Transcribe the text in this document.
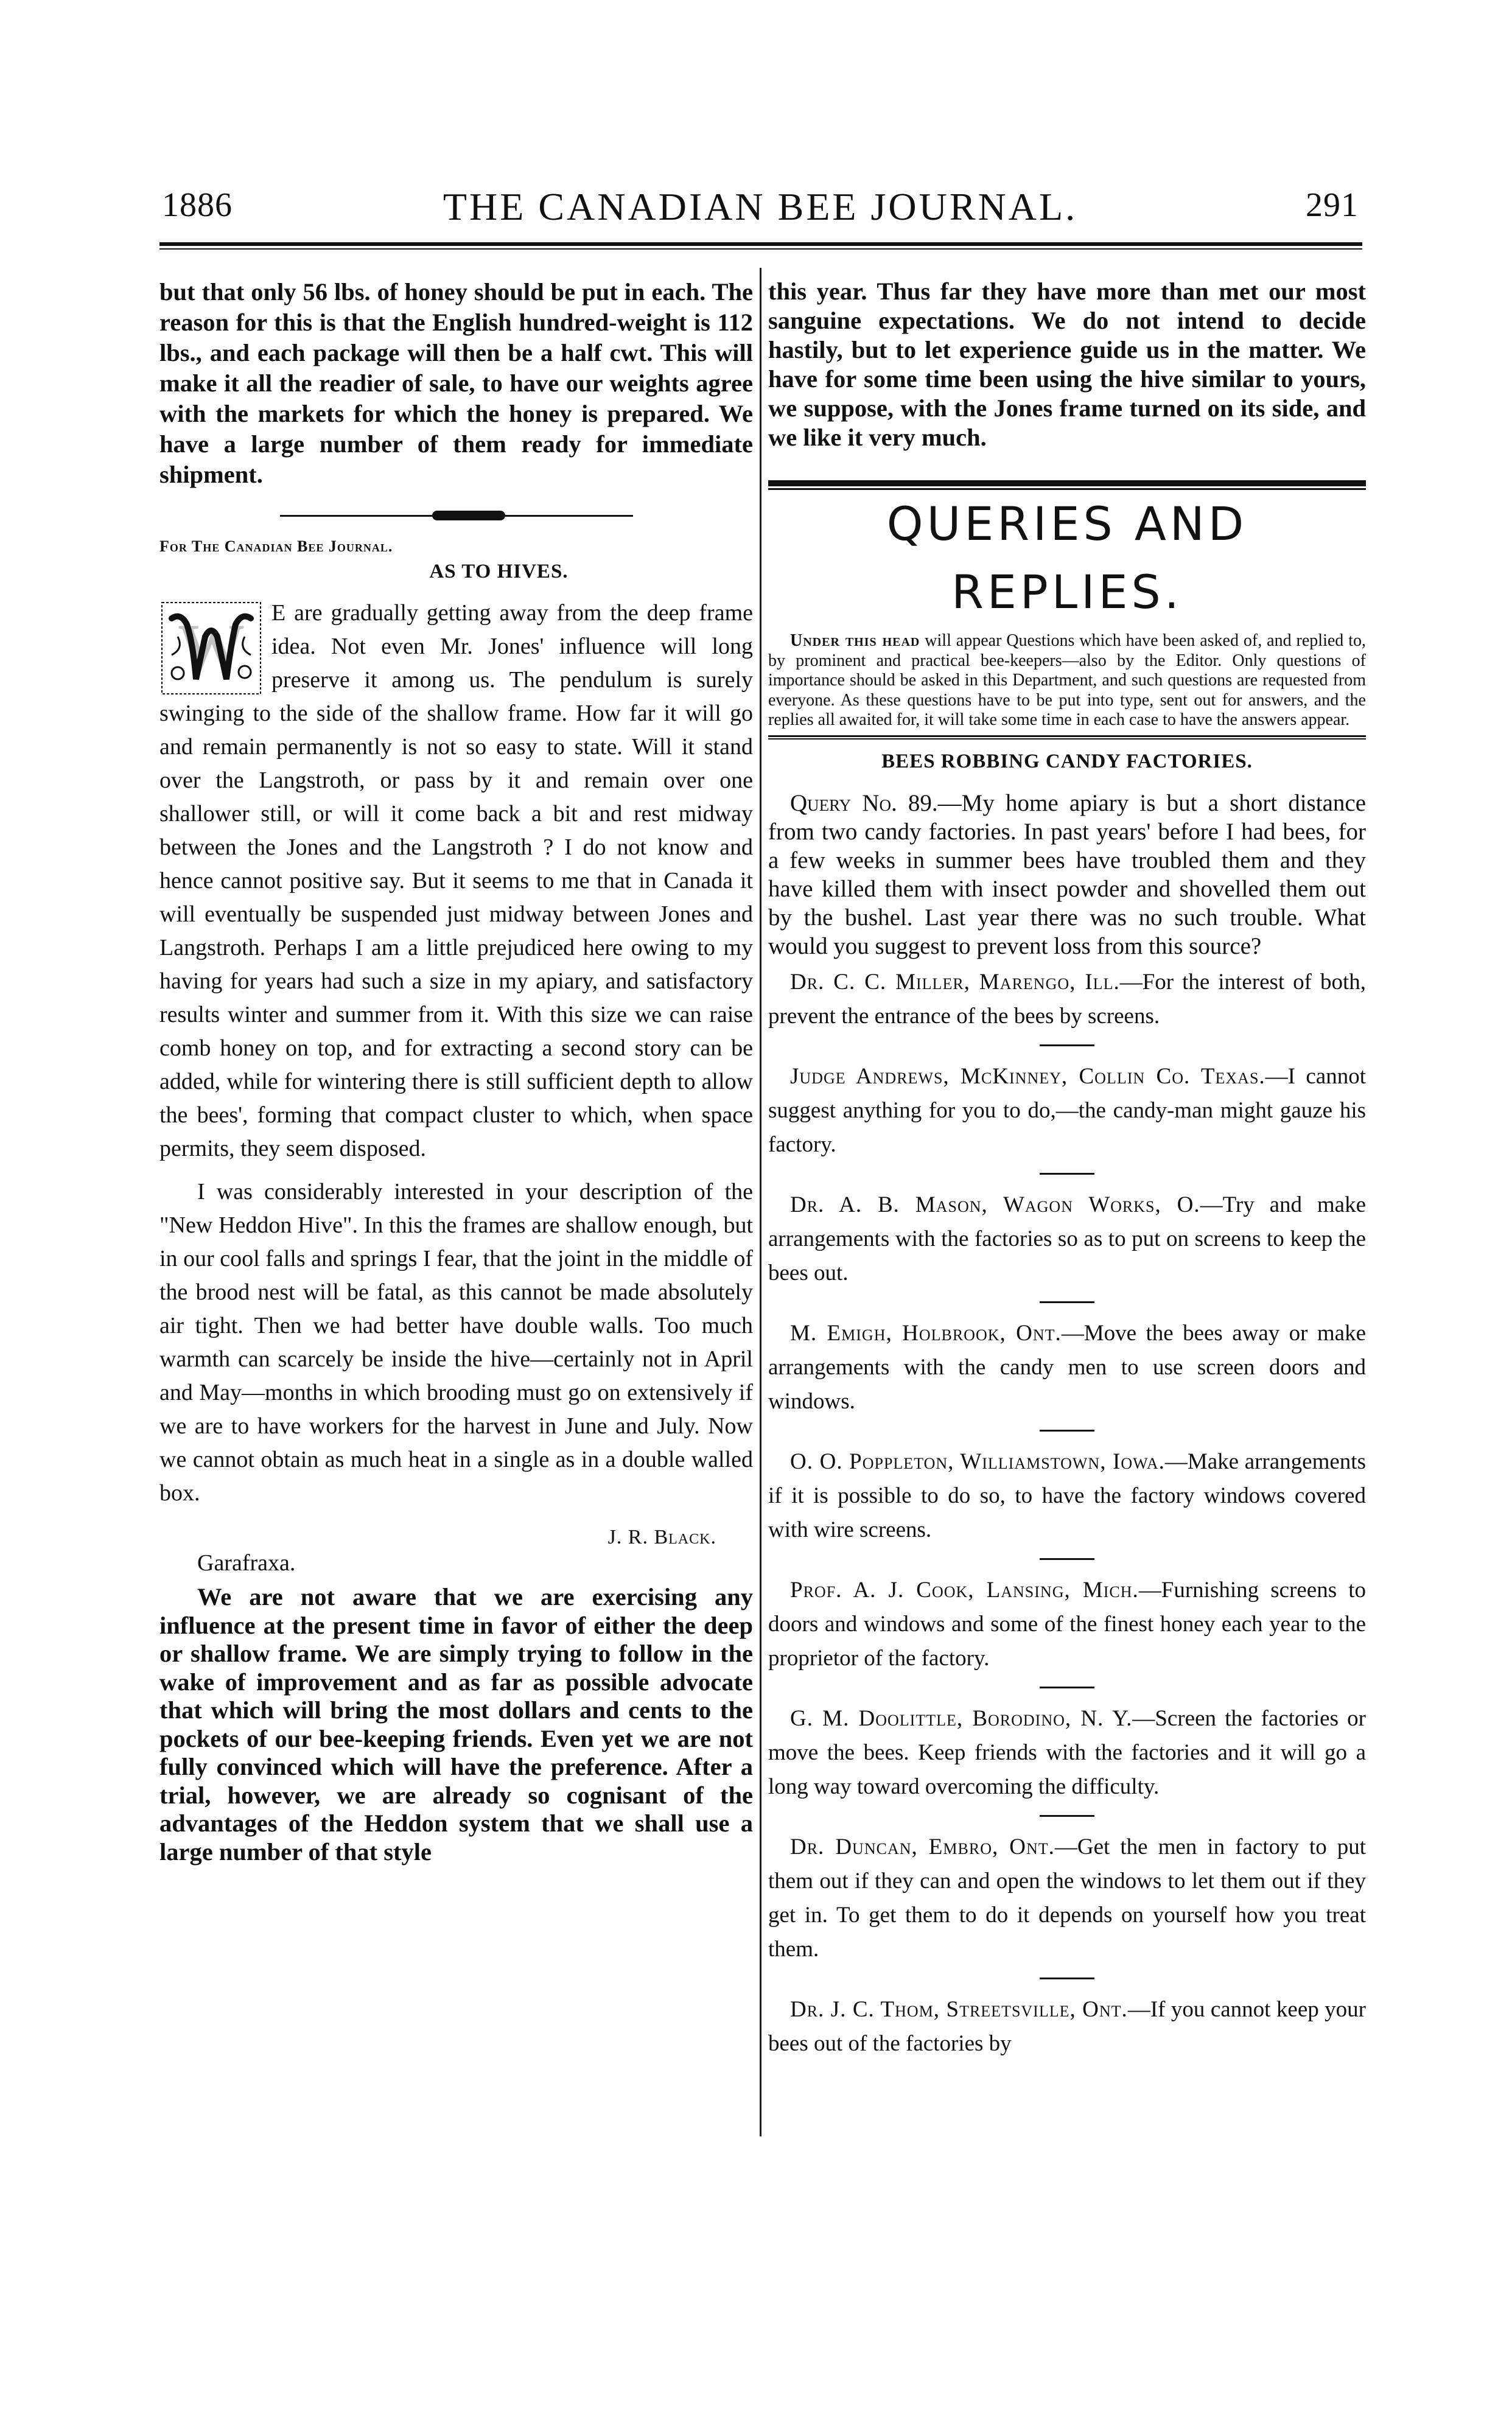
1886	THE CANADIAN BEE JOURNAL.	291

but that only 56 lbs. of honey should be put in each. The reason for this is that the English hundred-weight is 112 lbs., and each package will then be a half cwt. This will make it all the readier of sale, to have our weights agree with the markets for which the honey is prepared. We have a large number of them ready for immediate shipment.

For The Canadian Bee Journal.
AS TO HIVES.
W	E are gradually getting away from the deep frame idea. Not even Mr. Jones' influence will long preserve it among us. The pendulum is surely swinging to the side of the shallow frame. How far it will go and remain permanently is not so easy to state. Will it stand over the Langstroth, or pass by it and remain over one shallower still, or will it come back a bit and rest midway between the Jones and the Langstroth ? I do not know and hence cannot positive say. But it seems to me that in Canada it will eventually be suspended just midway between Jones and Langstroth. Perhaps I am a little prejudiced here owing to my having for years had such a size in my apiary, and satisfactory results winter and summer from it. With this size we can raise comb honey on top, and for extracting a second story can be added, while for wintering there is still sufficient depth to allow the bees', forming that compact cluster to which, when space permits, they seem disposed.

I was considerably interested in your description of the "New Heddon Hive". In this the frames are shallow enough, but in our cool falls and springs I fear, that the joint in the middle of the brood nest will be fatal, as this cannot be made absolutely air tight. Then we had better have double walls. Too much warmth can scarcely be inside the hive—certainly not in April and May—months in which brooding must go on extensively if we are to have workers for the harvest in June and July. Now we cannot obtain as much heat in a single as in a double walled box.

J. R. Black.
Garafraxa.

We are not aware that we are exercising any influence at the present time in favor of either the deep or shallow frame. We are simply trying to follow in the wake of improvement and as far as possible advocate that which will bring the most dollars and cents to the pockets of our bee-keeping friends. Even yet we are not fully convinced which will have the preference. After a trial, however, we are already so cognisant of the advantages of the Heddon system that we shall use a large number of that style

this year. Thus far they have more than met our most sanguine expectations. We do not intend to decide hastily, but to let experience guide us in the matter. We have for some time been using the hive similar to yours, we suppose, with the Jones frame turned on its side, and we like it very much.

QUERIES AND REPLIES.

Under this head will appear Questions which have been asked of, and replied to, by prominent and practical bee-keepers—also by the Editor. Only questions of importance should be asked in this Department, and such questions are requested from everyone. As these questions have to be put into type, sent out for answers, and the replies all awaited for, it will take some time in each case to have the answers appear.

BEES ROBBING CANDY FACTORIES.

Query No. 89.—My home apiary is but a short distance from two candy factories. In past years' before I had bees, for a few weeks in summer bees have troubled them and they have killed them with insect powder and shovelled them out by the bushel. Last year there was no such trouble. What would you suggest to prevent loss from this source?

Dr. C. C. Miller, Marengo, Ill.—For the interest of both, prevent the entrance of the bees by screens.

Judge Andrews, McKinney, Collin Co. Texas.—I cannot suggest anything for you to do,—the candy-man might gauze his factory.

Dr. A. B. Mason, Wagon Works, O.—Try and make arrangements with the factories so as to put on screens to keep the bees out.

M. Emigh, Holbrook, Ont.—Move the bees away or make arrangements with the candy men to use screen doors and windows.

O. O. Poppleton, Williamstown, Iowa.—Make arrangements if it is possible to do so, to have the factory windows covered with wire screens.

Prof. A. J. Cook, Lansing, Mich.—Furnishing screens to doors and windows and some of the finest honey each year to the proprietor of the factory.

G. M. Doolittle, Borodino, N. Y.—Screen the factories or move the bees. Keep friends with the factories and it will go a long way toward overcoming the difficulty.

Dr. Duncan, Embro, Ont.—Get the men in factory to put them out if they can and open the windows to let them out if they get in. To get them to do it depends on yourself how you treat them.

Dr. J. C. Thom, Streetsville, Ont.—If you cannot keep your bees out of the factories by
